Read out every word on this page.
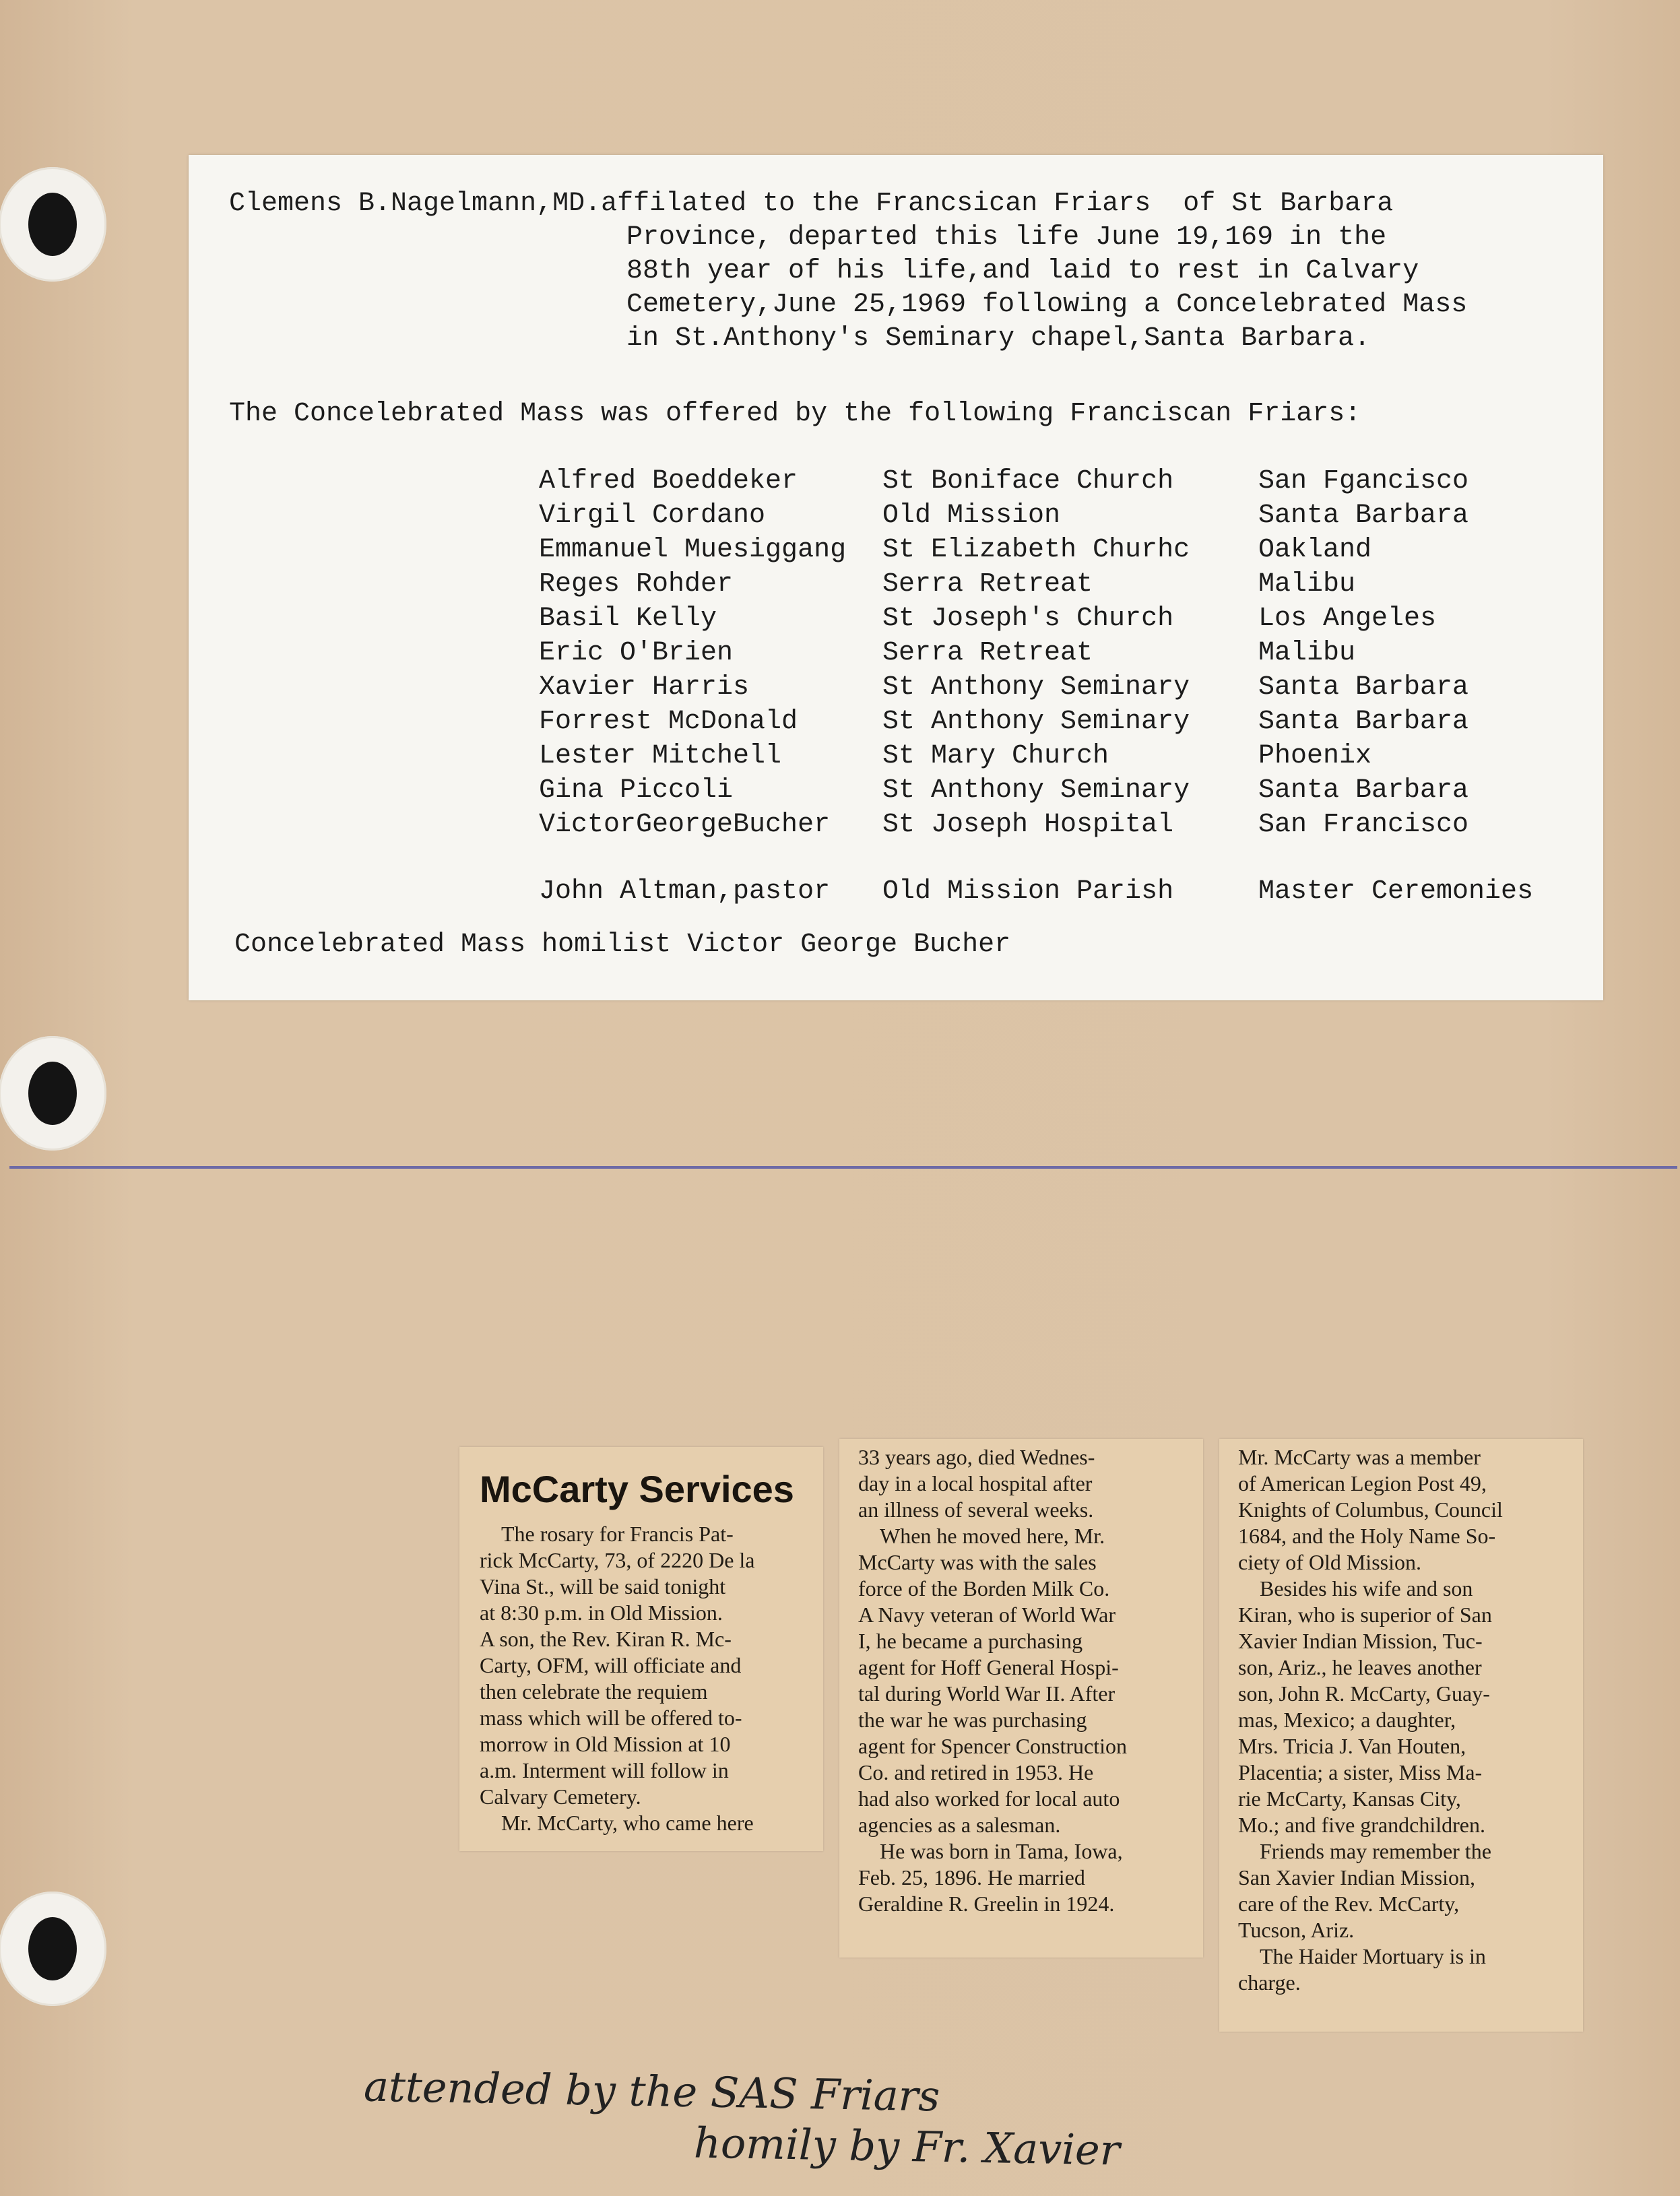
Clemens B.Nagelmann,MD.affilated to the Francsican Friars  of St Barbara
Province, departed this life June 19,169 in the
88th year of his life,and laid to rest in Calvary
Cemetery,June 25,1969 following a Concelebrated Mass
in St.Anthony's Seminary chapel,Santa Barbara.
The Concelebrated Mass was offered by the following Franciscan Friars:
Alfred Boeddeker	St Boniface Church	San Fgancisco
Virgil Cordano	Old Mission	Santa Barbara
Emmanuel Muesiggang St Elizabeth Churhc	Oakland
Reges Rohder	Serra Retreat	Malibu
Basil Kelly	St Joseph's Church	Los Angeles
Eric O'Brien	Serra Retreat	Malibu
Xavier Harris	St Anthony Seminary	Santa Barbara
Forrest McDonald	St Anthony Seminary	Santa Barbara
Lester Mitchell	St Mary Church	Phoenix
Gina Piccoli	St Anthony Seminary	Santa Barbara
VictorGeorgeBucher St Joseph Hospital	San Francisco
John Altman,pastor Old Mission Parish	Master Ceremonies
Concelebrated Mass homilist Victor George Bucher
McCarty Services
The rosary for Francis Pat-
rick McCarty, 73, of 2220 De la
Vina St., will be said tonight
at 8:30 p.m. in Old Mission.
A son, the Rev. Kiran R. Mc-
Carty, OFM, will officiate and
then celebrate the requiem
mass which will be offered to-
morrow in Old Mission at 10
a.m. Interment will follow in
Calvary Cemetery.
Mr. McCarty, who came here
33 years ago, died Wednes-
day in a local hospital after
an illness of several weeks.
When he moved here, Mr.
McCarty was with the sales
force of the Borden Milk Co.
A Navy veteran of World War
I, he became a purchasing
agent for Hoff General Hospi-
tal during World War II. After
the war he was purchasing
agent for Spencer Construction
Co. and retired in 1953. He
had also worked for local auto
agencies as a salesman.
He was born in Tama, Iowa,
Feb. 25, 1896. He married
Geraldine R. Greelin in 1924.
Mr. McCarty was a member
of American Legion Post 49,
Knights of Columbus, Council
1684, and the Holy Name So-
ciety of Old Mission.
Besides his wife and son
Kiran, who is superior of San
Xavier Indian Mission, Tuc-
son, Ariz., he leaves another
son, John R. McCarty, Guay-
mas, Mexico; a daughter,
Mrs. Tricia J. Van Houten,
Placentia; a sister, Miss Ma-
rie McCarty, Kansas City,
Mo.; and five grandchildren.
Friends may remember the
San Xavier Indian Mission,
care of the Rev. McCarty,
Tucson, Ariz.
The Haider Mortuary is in
charge.
attended by the SAS Friars
homily by Fr. Xavier
